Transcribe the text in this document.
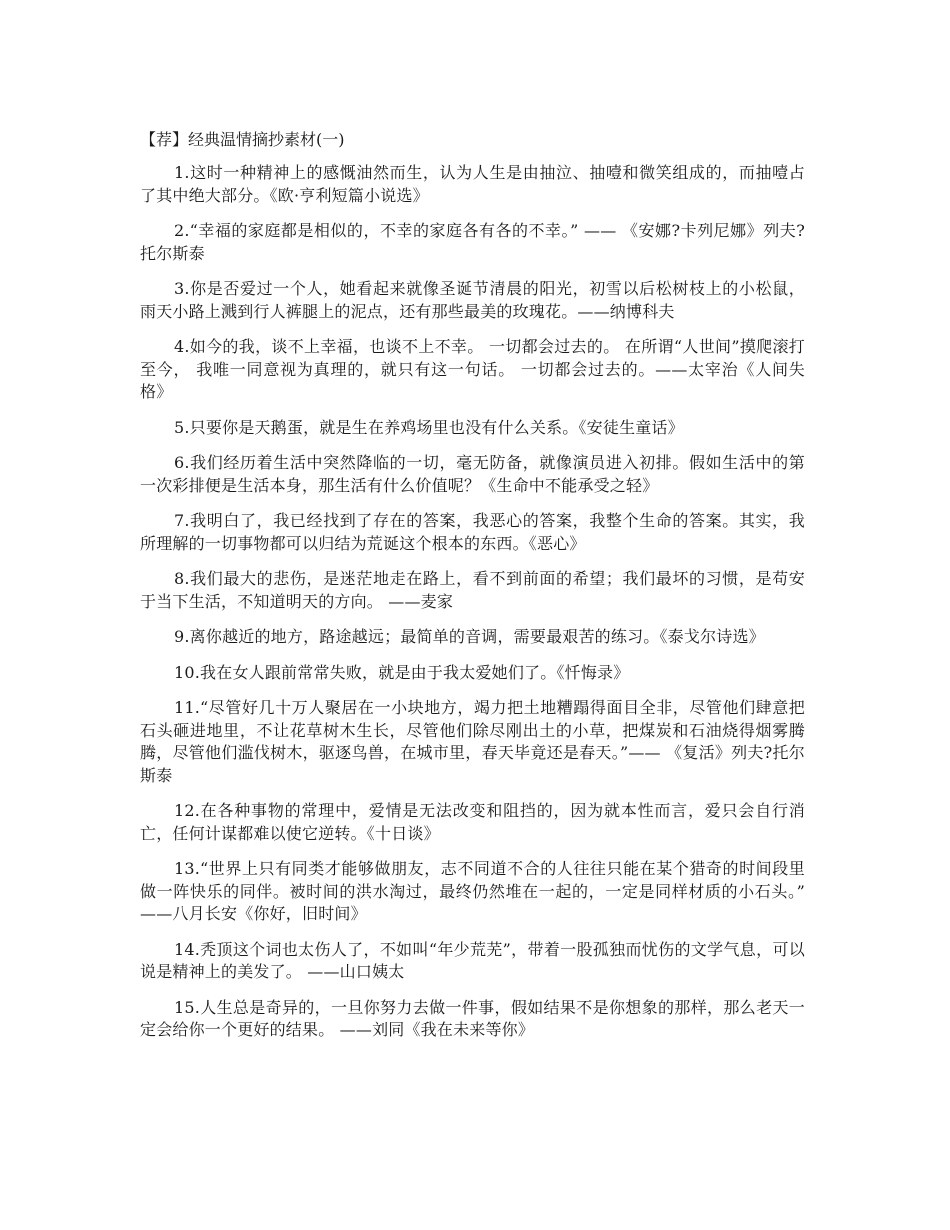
【荐】经典温情摘抄素材(一)

1.这时一种精神上的感慨油然而生，认为人生是由抽泣、抽噎和微笑组成的，而抽噎占了其中绝大部分。《欧·亨利短篇小说选》

2.“幸福的家庭都是相似的，不幸的家庭各有各的不幸。” —— 《安娜?卡列尼娜》列夫?托尔斯泰

3.你是否爱过一个人，她看起来就像圣诞节清晨的阳光，初雪以后松树枝上的小松鼠，雨天小路上溅到行人裤腿上的泥点，还有那些最美的玫瑰花。——纳博科夫

4.如今的我，谈不上幸福，也谈不上不幸。 一切都会过去的。 在所谓“人世间”摸爬滚打至今， 我唯一同意视为真理的，就只有这一句话。 一切都会过去的。——太宰治《人间失格》

5.只要你是天鹅蛋，就是生在养鸡场里也没有什么关系。《安徒生童话》

6.我们经历着生活中突然降临的一切，毫无防备，就像演员进入初排。假如生活中的第一次彩排便是生活本身，那生活有什么价值呢？《生命中不能承受之轻》

7.我明白了，我已经找到了存在的答案，我恶心的答案，我整个生命的答案。其实，我所理解的一切事物都可以归结为荒诞这个根本的东西。《恶心》

8.我们最大的悲伤，是迷茫地走在路上，看不到前面的希望；我们最坏的习惯，是苟安于当下生活，不知道明天的方向。 ——麦家

9.离你越近的地方，路途越远；最简单的音调，需要最艰苦的练习。《泰戈尔诗选》

10.我在女人跟前常常失败，就是由于我太爱她们了。《忏悔录》

11.“尽管好几十万人聚居在一小块地方，竭力把土地糟蹋得面目全非，尽管他们肆意把石头砸进地里，不让花草树木生长，尽管他们除尽刚出土的小草，把煤炭和石油烧得烟雾腾腾，尽管他们滥伐树木，驱逐鸟兽，在城市里，春天毕竟还是春天。”—— 《复活》列夫?托尔斯泰

12.在各种事物的常理中，爱情是无法改变和阻挡的，因为就本性而言，爱只会自行消亡，任何计谋都难以使它逆转。《十日谈》

13.“世界上只有同类才能够做朋友，志不同道不合的人往往只能在某个猎奇的时间段里做一阵快乐的同伴。被时间的洪水淘过，最终仍然堆在一起的，一定是同样材质的小石头。” ——八月长安《你好，旧时间》

14.秃顶这个词也太伤人了，不如叫“年少荒芜”，带着一股孤独而忧伤的文学气息，可以说是精神上的美发了。 ——山口姨太

15.人生总是奇异的，一旦你努力去做一件事，假如结果不是你想象的那样，那么老天一定会给你一个更好的结果。 ——刘同《我在未来等你》
